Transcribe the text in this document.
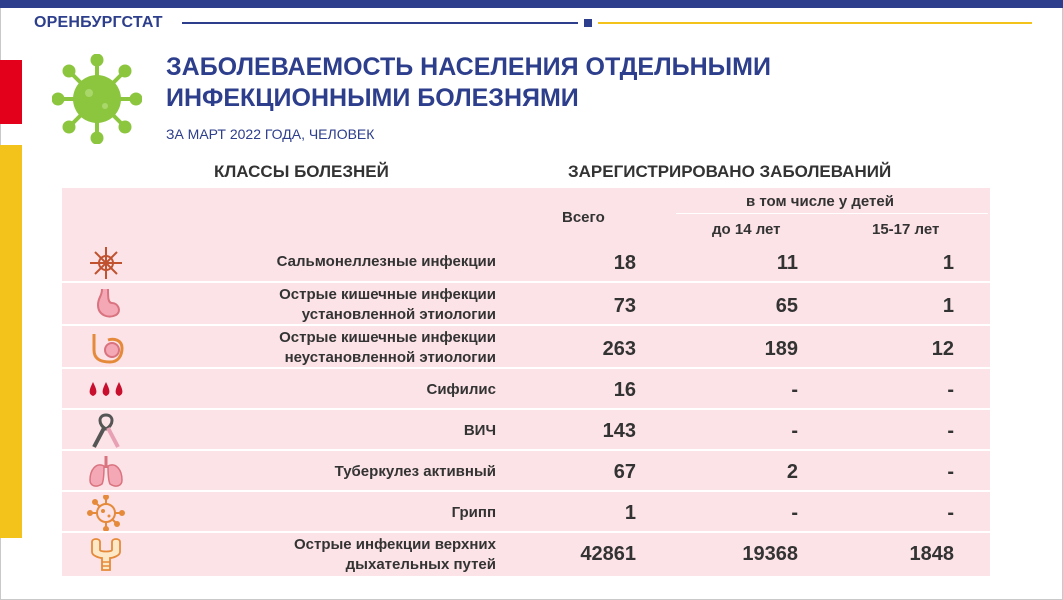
ОРЕНБУРГСТАТ
ЗАБОЛЕВАЕМОСТЬ НАСЕЛЕНИЯ ОТДЕЛЬНЫМИ
ИНФЕКЦИОННЫМИ БОЛЕЗНЯМИ
ЗА МАРТ 2022 ГОДА, ЧЕЛОВЕК
КЛАССЫ БОЛЕЗНЕЙ	ЗАРЕГИСТРИРОВАНО ЗАБОЛЕВАНИЙ
Всего
в том числе у детей
до 14 лет	15-17 лет
Сальмонеллезные инфекции	18	11	1
Острые кишечные инфекции
установленной этиологии	73	65	1
Острые кишечные инфекции
неустановленной этиологии	263	189	12
Сифилис	16	-	-
ВИЧ	143	-	-
Туберкулез активный	67	2	-
Грипп	1	-	-
Острые инфекции верхних
дыхательных путей	42861	19368	1848
